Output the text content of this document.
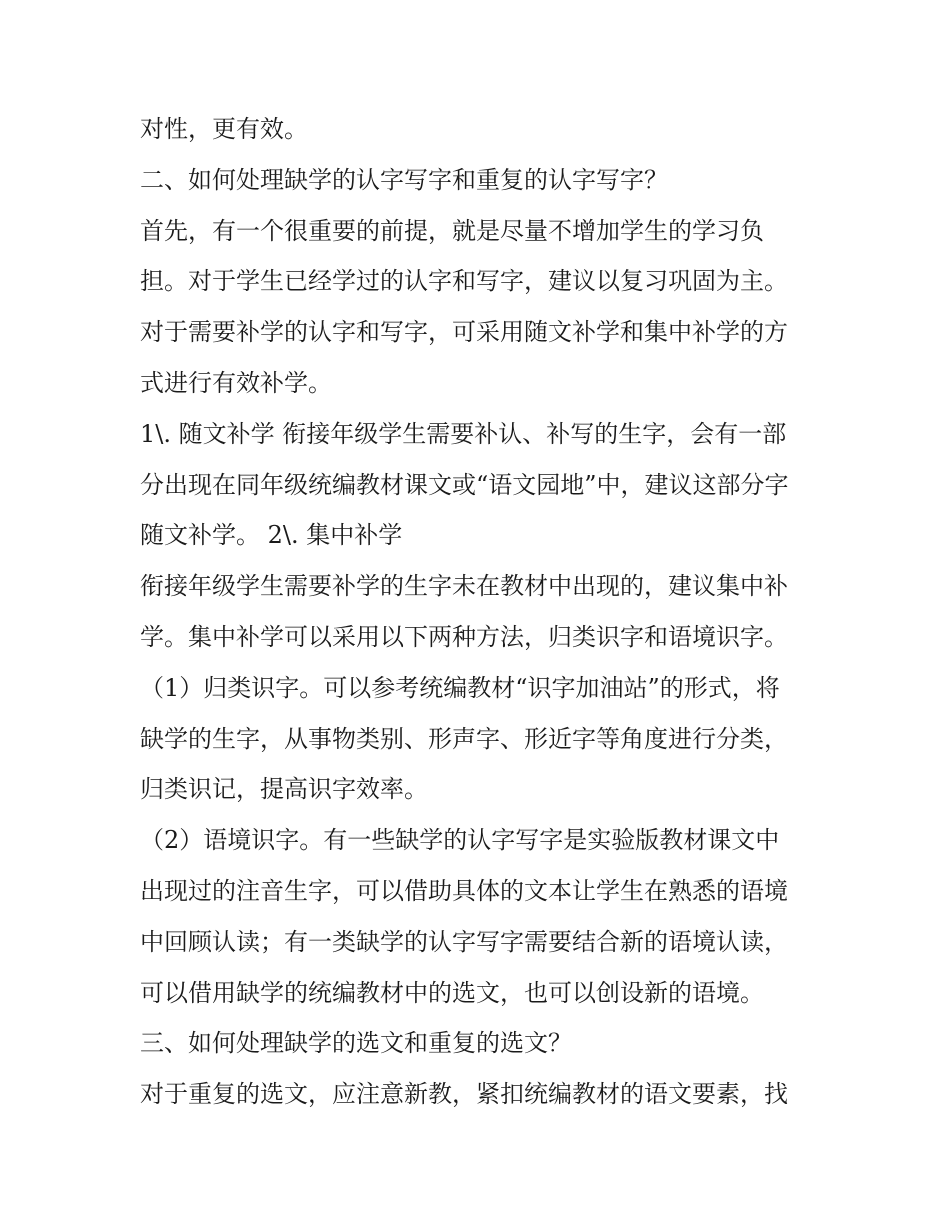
对性，更有效。
二、如何处理缺学的认字写字和重复的认字写字？
首先，有一个很重要的前提，就是尽量不增加学生的学习负
担。对于学生已经学过的认字和写字，建议以复习巩固为主。
对于需要补学的认字和写字，可采用随文补学和集中补学的方
式进行有效补学。
1\. 随文补学 衔接年级学生需要补认、补写的生字，会有一部
分出现在同年级统编教材课文或“语文园地”中，建议这部分字
随文补学。 2\. 集中补学
衔接年级学生需要补学的生字未在教材中出现的，建议集中补
学。集中补学可以采用以下两种方法，归类识字和语境识字。
（1）归类识字。可以参考统编教材“识字加油站”的形式，将
缺学的生字，从事物类别、形声字、形近字等角度进行分类，
归类识记，提高识字效率。
（2）语境识字。有一些缺学的认字写字是实验版教材课文中
出现过的注音生字，可以借助具体的文本让学生在熟悉的语境
中回顾认读；有一类缺学的认字写字需要结合新的语境认读，
可以借用缺学的统编教材中的选文，也可以创设新的语境。
三、如何处理缺学的选文和重复的选文？
对于重复的选文，应注意新教，紧扣统编教材的语文要素，找
